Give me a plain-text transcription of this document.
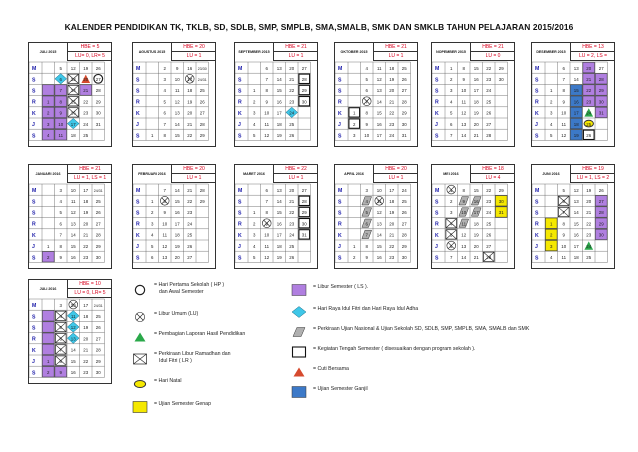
KALENDER PENDIDIKAN TK, TKLB, SD, SDLB, SMP, SMPLB, SMA,SMALB, SMK DAN SMKLB TAHUN PELAJARAN 2015/2016
JULI 2015
HBE = 5
LU= 0, LR= 5
M
S
S
R
K
J
S
5 12 19 26
6 13 20 27
7 14 21 28
1 8 15 22 29
2 9 16 23 30
3 10 17 24 31
4 11 18 25
AGUSTUS 2015
HBE = 20
LU = 1
M
S
S
R
K
J
S
2 9 16 23/30
3 10 17 24/31
4 11 18 25
5 12 19 26
6 13 20 27
7 14 21 28
1 8 15 22 29
SEPTEMBER 2015
HBE = 21
LU = 1
M
S
S
R
K
J
S
6 13 20 27
7 14 21 28
1 8 15 22 29
2 9 16 23 30
3 10 17 24
4 11 18 25
5 12 19 26
OKTOBER 2015
HBE = 21
LU = 1
M
S
S
R
K
J
S
4 11 18 25
5 12 19 26
6 13 20 27
7 14 21 28
1 8 15 22 29
2 9 16 23 30
3 10 17 24 31
NOPEMBER 2015
HBE = 21
LU = 0
M
S
S
R
K
J
S
1 8 15 22 29
2 9 16 23 30
3 10 17 24
4 11 18 25
5 12 19 26
6 13 20 27
7 14 21 28
DESEMBER 2015
HBE = 13
LU = 2, LS =
M
S
S
R
K
J
S
6 13 20 27
7 14 21 28
1 8 15 22 29
2 9 16 23 30
3 10 17 24 31
4 11 18 25
5 12 19 26
JANUARI 2016
HBE = 21
LU = 1, LS = 1
M
S
S
R
K
J
S
3 10 17 24/31
4 11 18 25
5 12 19 26
6 13 20 27
7 14 21 28
1 8 15 22 29
2 9 16 23 30
FEBRUARI 2016
HBE = 20
LU = 1
M
S
S
R
K
J
S
7 14 21 28
1 8 15 22 29
2 9 16 23
3 10 17 24
4 11 18 25
5 12 19 26
6 13 20 27
MARET 2016
HBE = 22
LU = 1
M
S
S
R
K
J
S
6 13 20 27
7 14 21 28
1 8 15 22 29
2 9 16 23 30
3 10 17 24 31
4 11 18 25
5 12 19 26
APRIL 2016
HBE = 20
LU = 1
M
S
S
R
K
J
S
3 10 17 24
4 11 18 25
5 12 19 26
6 13 20 27
7 14 21 28
1 8 15 22 29
2 9 16 23 30
MEI 2016
HBE = 18
LU = 4
M
S
S
R
K
J
S
1 8 15 22 29
2 9 16 23 30
3 10 17 24 31
4 11 18 25
5 12 19 26
6 13 20 27
7 14 21 28
JUNI 2016
HBE = 19
LU = 1, LS = 2
M
S
S
R
K
J
S
5 12 19 26
6 13 20 27
7 14 21 28
1 8 15 22 29
2 9 16 23 30
3 10 17 24
4 11 18 25
JULI 2016
HBE = 10
LU = 0, LR= 5
M
S
S
R
K
J
S
3 10 17 24/31
4 11 18 25
5 12 19 26
6 13 20 27
7 14 21 28
1 8 15 22 29
2 9 16 23 30
= Hari Pertama Sekolah ( HP )
dan Awal Semester
= Libur Umum (LU)
= Pembagian Laporan Hasil Pendidikan
= Perkiraan Libur Ramadhan dan
Idul Fitri ( LR )
= Hari Natal
= Ujian Semester Genap
= Libur Semester ( LS ).
= Hari Raya Idul Fitri dan Hari Raya Idul Adha
= Perkiraan Ujian Nasional & Ujian Sekolah SD, SDLB, SMP, SMPLB, SMA, SMALB dan SMK
= Kegiatan Tengah Semester ( disesuaikan dengan program sekolah ).
= Cuti Bersama
= Ujian Semester Ganjil
